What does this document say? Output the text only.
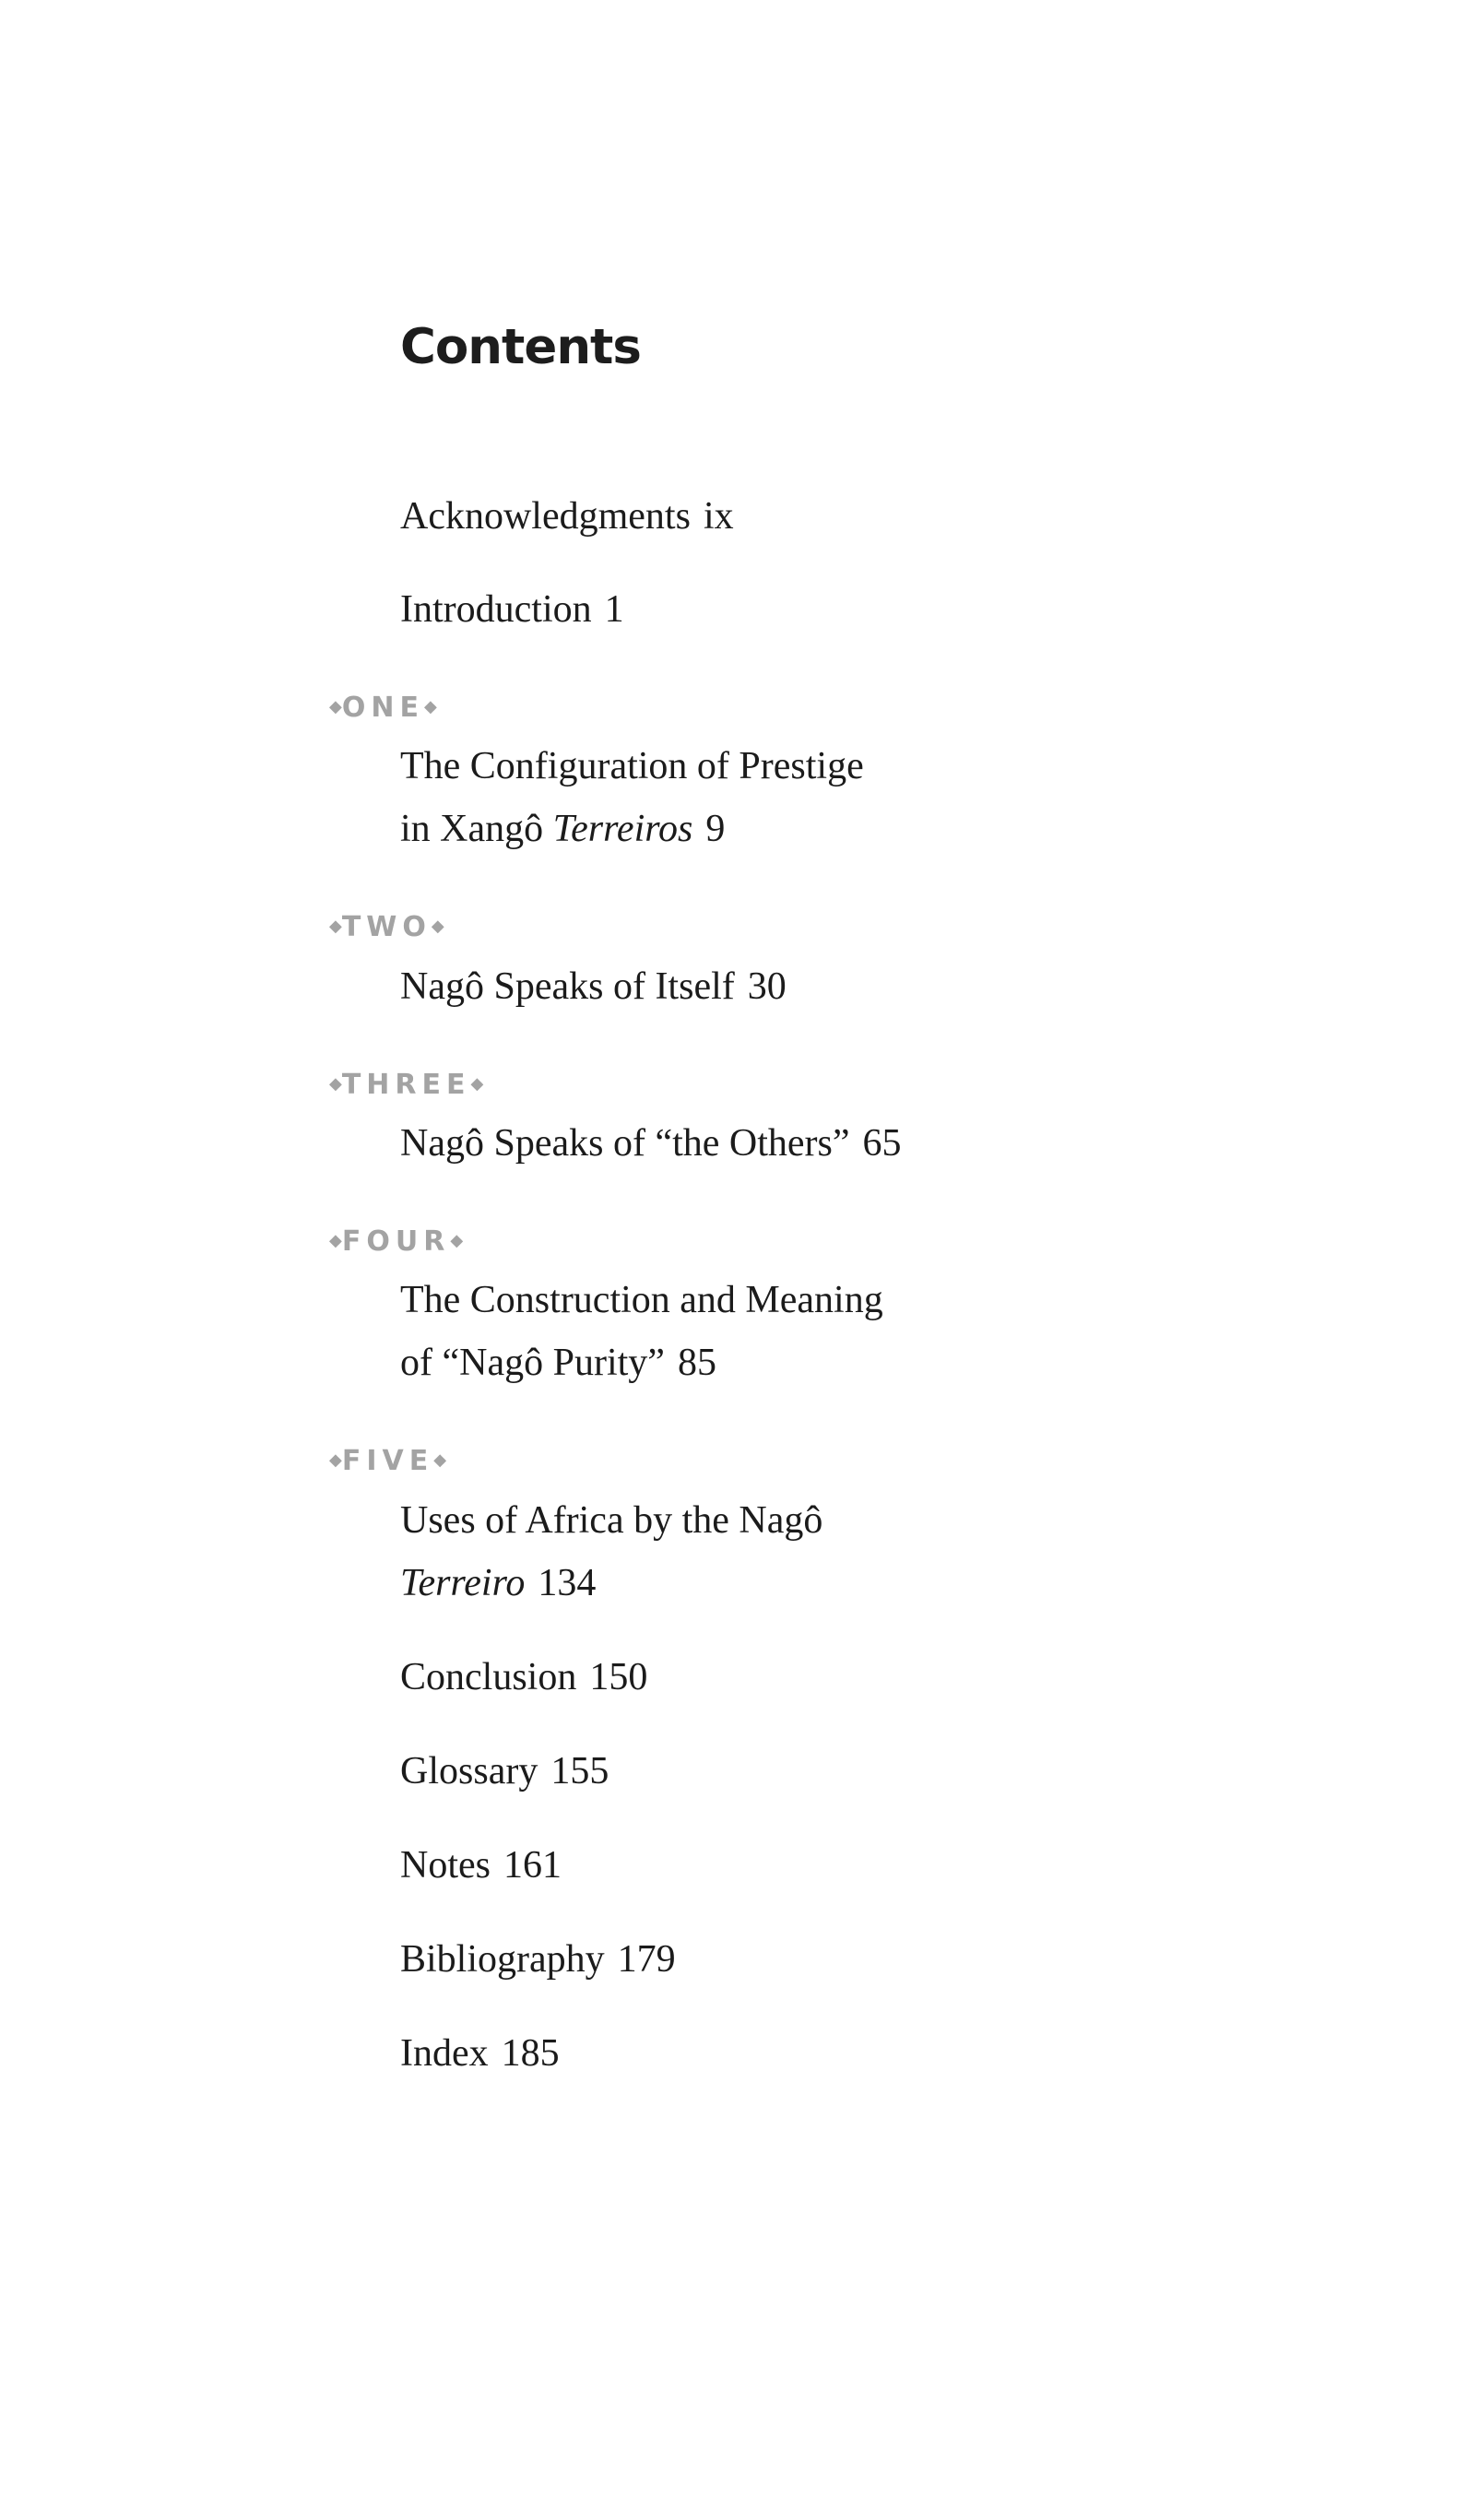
Contents
Acknowledgments ix
Introduction 1
◆ONE◆
The Configuration of Prestige
in Xangô Terreiros 9
◆TWO◆
Nagô Speaks of Itself 30
◆THREE◆
Nagô Speaks of “the Others” 65
◆FOUR◆
The Construction and Meaning
of “Nagô Purity” 85
◆FIVE◆
Uses of Africa by the Nagô
Terreiro 134
Conclusion 150
Glossary 155
Notes 161
Bibliography 179
Index 185
